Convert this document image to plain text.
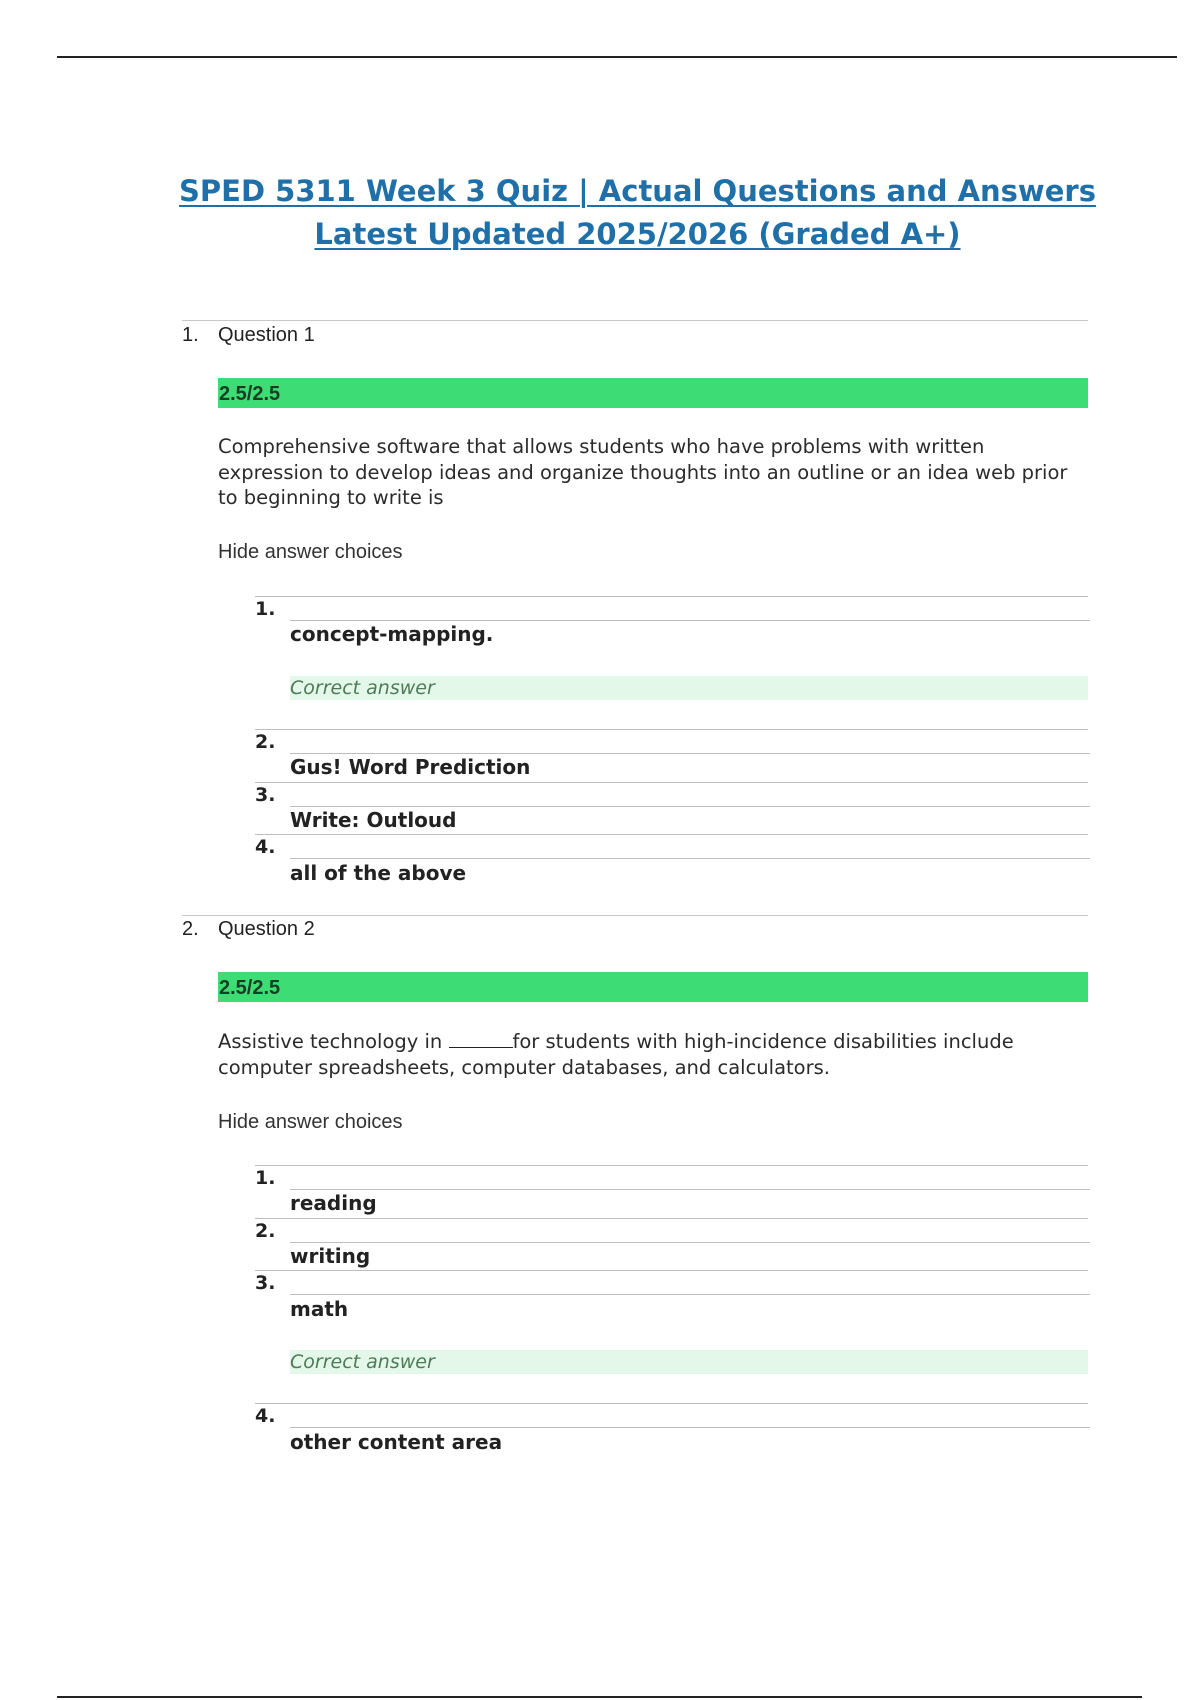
SPED 5311 Week 3 Quiz | Actual Questions and Answers Latest Updated 2025/2026 (Graded A+)
1. Question 1
2.5/2.5
Comprehensive software that allows students who have problems with written expression to develop ideas and organize thoughts into an outline or an idea web prior to beginning to write is
Hide answer choices
1.
concept-mapping.
Correct answer
2.
Gus! Word Prediction
3.
Write: Outloud
4.
all of the above
2. Question 2
2.5/2.5
Assistive technology in	for students with high-incidence disabilities include computer spreadsheets, computer databases, and calculators.
Hide answer choices
1.
reading
2.
writing
3.
math
Correct answer
4.
other content area
